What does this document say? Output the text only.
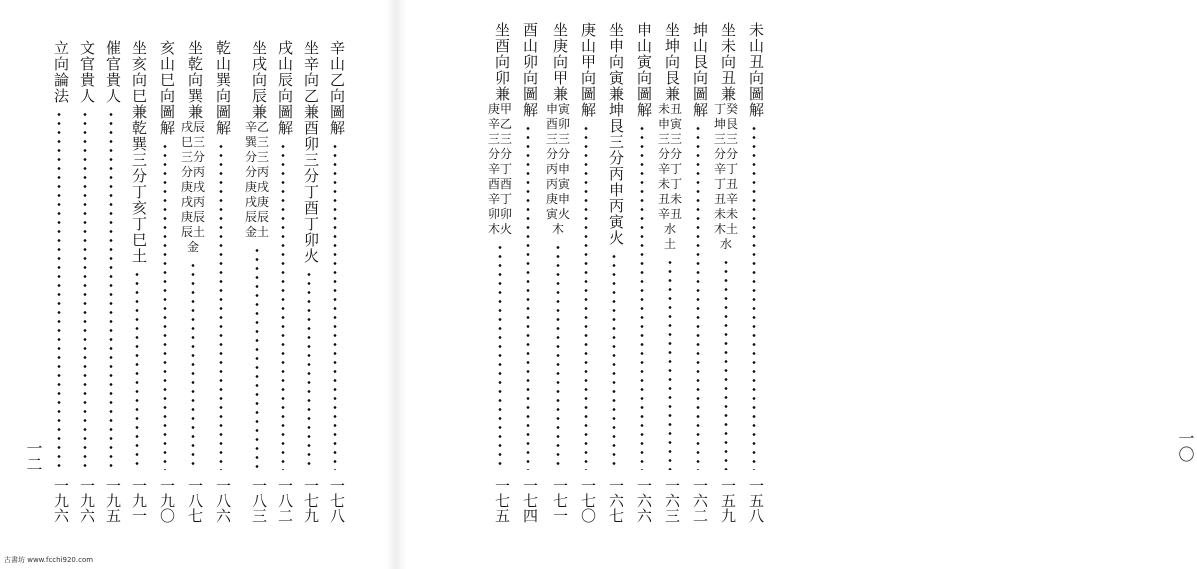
辛山乙向圖解
一七八
坐辛向乙兼酉卯三分丁酉丁卯火
一七九
戌山辰向圖解
一八二
坐戌向辰兼
辛乙
巽三
分三
分丙
庚戌
戌庚
辰辰
金土
一八三
乾山巽向圖解
一八六
坐乾向巽兼
戌辰
巳三
三分
分丙
庚戌
戌丙
庚辰
辰土
金
一八七
亥山巳向圖解
一九〇
坐亥向巳兼乾巽三分丁亥丁巳土
一九一
催官貴人
一九五
文官貴人
一九六
立向論法
一九六
一二
未山丑向圖解
一五八
坐未向丑兼
丁癸
坤艮
三三
分分
辛丁
丁丑
丑辛
未未
木土
水
一五九
坤山艮向圖解
一六二
坐坤向艮兼
未丑
申寅
三三
分分
辛丁
未丁
丑未
辛丑
水
土
一六三
申山寅向圖解
一六六
坐申向寅兼坤艮三分丙申丙寅火
一六七
庚山甲向圖解
一七〇
坐庚向甲兼
申寅
酉卯
三三
分分
丙申
丙寅
庚申
寅火
木
一七一
酉山卯向圖解
一七四
坐酉向卯兼
庚甲
辛乙
三三
分分
辛丁
酉酉
辛丁
卯卯
木火
一七五
一〇
古書坊 www.fcchi920.com
